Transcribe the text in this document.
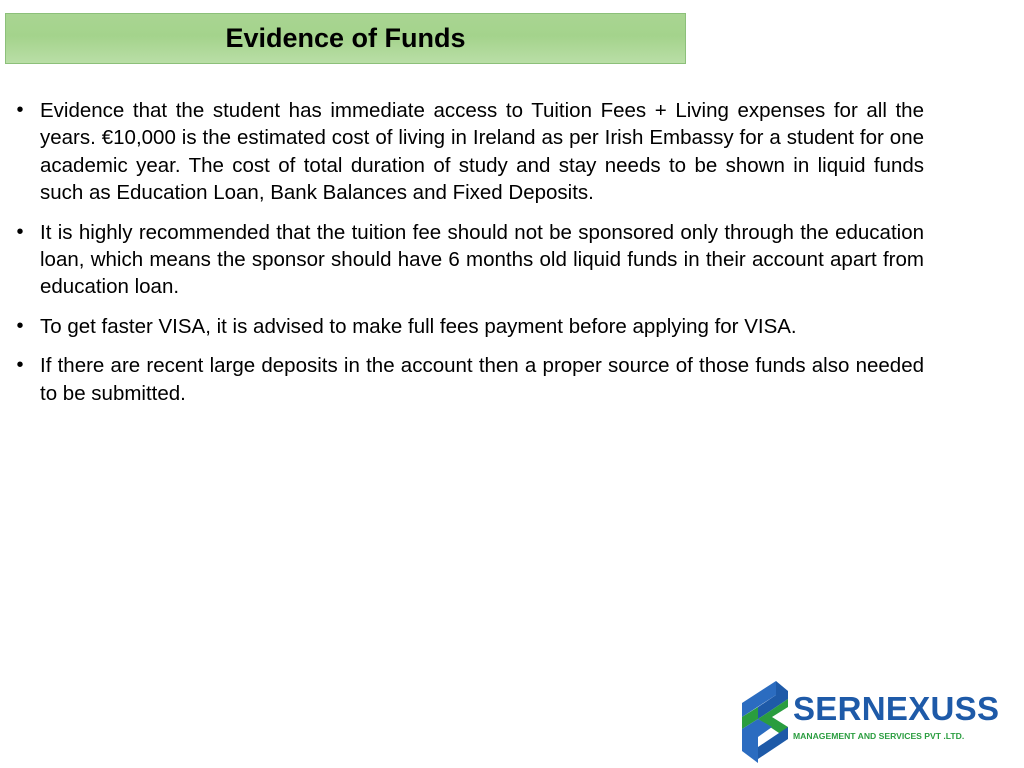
Evidence of Funds
• Evidence that the student has immediate access to Tuition Fees + Living expenses for all the years. €10,000 is the estimated cost of living in Ireland as per Irish Embassy for a student for one academic year. The cost of total duration of study and stay needs to be shown in liquid funds such as Education Loan, Bank Balances and Fixed Deposits.
• It is highly recommended that the tuition fee should not be sponsored only through the education loan, which means the sponsor should have 6 months old liquid funds in their account apart from education loan.
• To get faster VISA, it is advised to make full fees payment before applying for VISA.
• If there are recent large deposits in the account then a proper source of those funds also needed to be submitted.
SERNEXUSS
MANAGEMENT AND SERVICES PVT .LTD.
